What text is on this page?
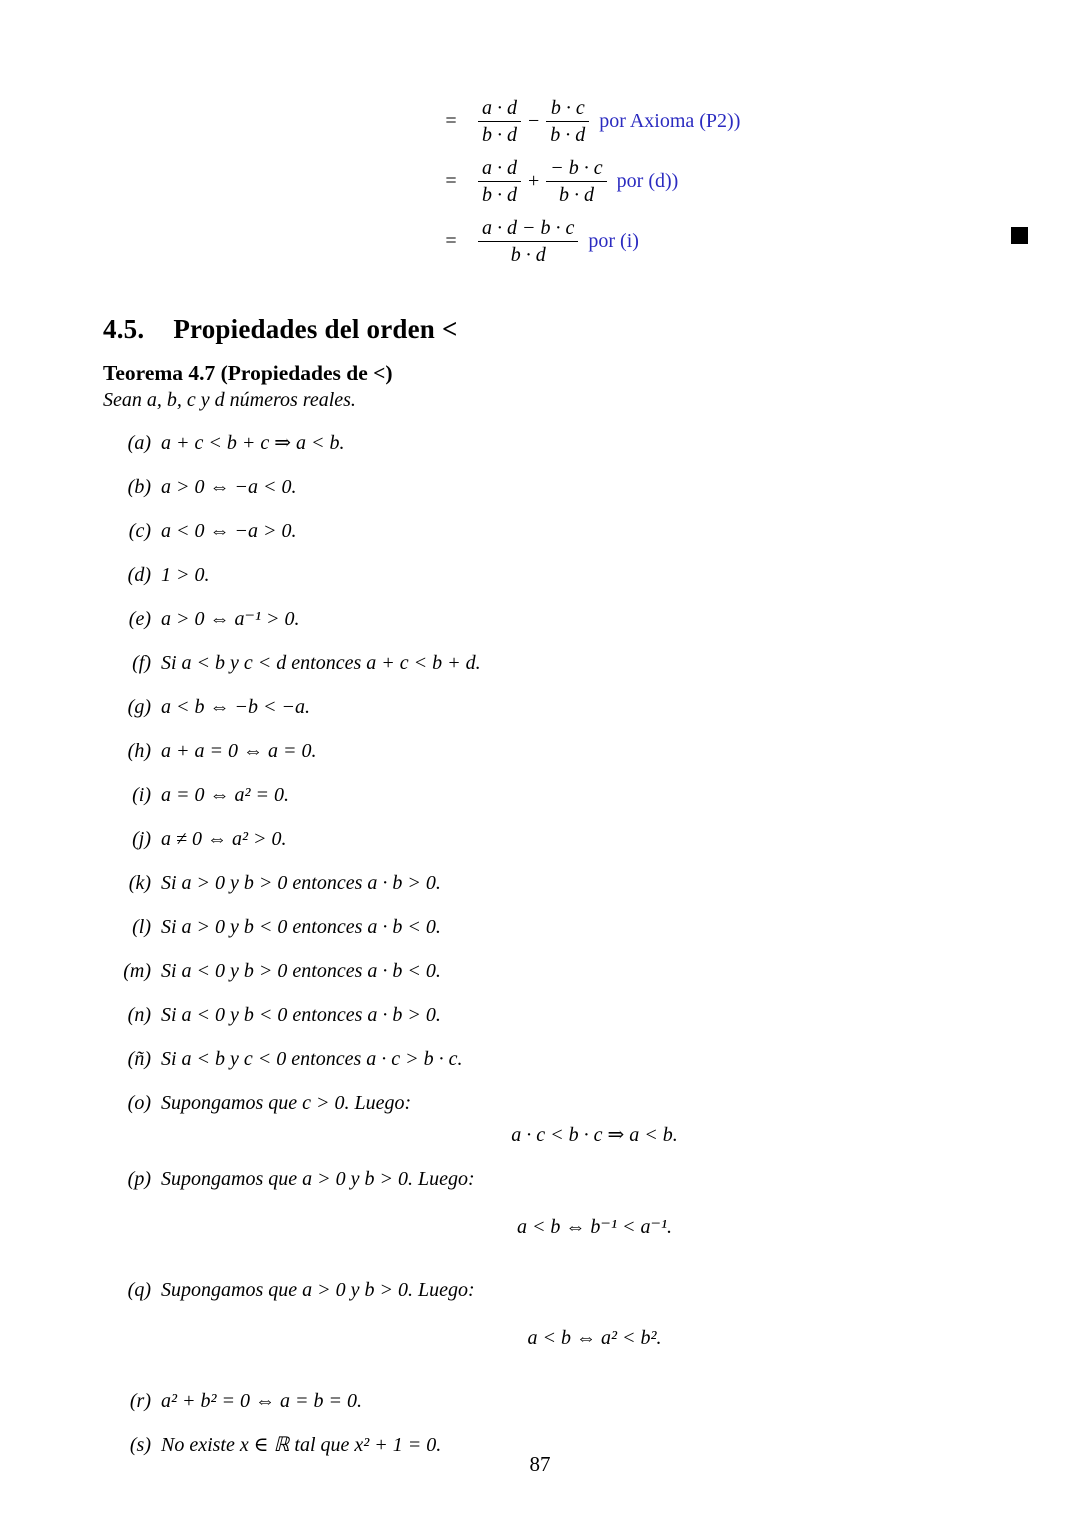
= $\frac{a \cdot d}{b \cdot d} - \frac{b \cdot c}{b \cdot d}$ por Axioma (P2))
= $\frac{a \cdot d}{b \cdot d} + \frac{- b \cdot c}{b \cdot d}$ por (d))
= $\frac{a \cdot d - b \cdot c}{b \cdot d}$ por (i)
4.5. Propiedades del orden <
Teorema 4.7 (Propiedades de <)

Sean a, b, c y d números reales.

(a) a + c < b + c ⇒ a < b.
(b) a > 0 ⇔ −a < 0.
(c) a < 0 ⇔ −a > 0.
(d) 1 > 0.
(e) a > 0 ⇔ a⁻¹ > 0.
(f) Si a < b y c < d entonces a + c < b + d.
(g) a < b ⇔ −b < −a.
(h) a + a = 0 ⇔ a = 0.
(i) a = 0 ⇔ a² = 0.
(j) a ≠ 0 ⇔ a² > 0.
(k) Si a > 0 y b > 0 entonces a · b > 0.
(l) Si a > 0 y b < 0 entonces a · b < 0.
(m) Si a < 0 y b > 0 entonces a · b < 0.
(n) Si a < 0 y b < 0 entonces a · b > 0.
(ñ) Si a < b y c < 0 entonces a · c > b · c.
(o) Supongamos que c > 0. Luego:
a · c < b · c ⇒ a < b.
(p) Supongamos que a > 0 y b > 0. Luego:
a < b ⇔ b⁻¹ < a⁻¹.
(q) Supongamos que a > 0 y b > 0. Luego:
a < b ⇔ a² < b².
(r) a² + b² = 0 ⇔ a = b = 0.
(s) No existe x ∈ ℝ tal que x² + 1 = 0.
87
